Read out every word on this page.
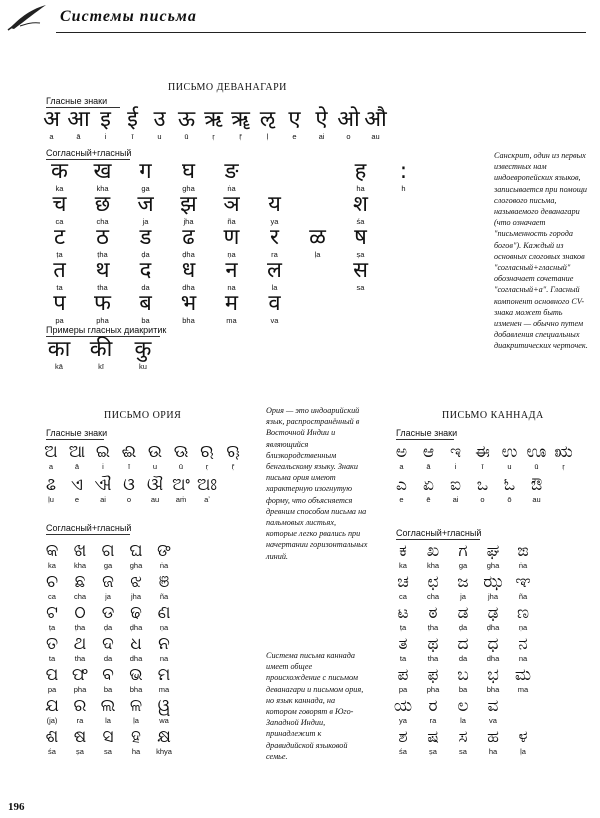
Системы письма
ПИСЬМО ДЕВАНАГАРИ
Гласные знаки
अ
a
आ
ā
इ
i
ई
ī
उ
u
ऊ
ū
ऋ
ṛ
ॠ
ṝ
ऌ
ḷ
ए
e
ऐ
ai
ओ
o
औ
au
Согласный+гласный
क
ka
ख
kha
ग
ga
घ
gha
ङ
ṅa
ह
ha
:
h
च
ca
छ
cha
ज
ja
झ
jha
ञ
ña
य
ya
श
śa
ट
ṭa
ठ
ṭha
ड
ḍa
ढ
ḍha
ण
ṇa
र
ra
ळ
ḷa
ष
ṣa
त
ta
थ
tha
द
da
ध
dha
न
na
ल
la
स
sa
प
pa
फ
pha
ब
ba
भ
bha
म
ma
व
va
Примеры гласных диакритик
का
kā
की
kī
कु
ku
Санскрит, один из первых известных нам индоевропейских языков, записывается при помощи слогового письма, называемого деванагари (что означает "письменность города богов"). Каждый из основных слоговых знаков "согласный+гласный" обозначает сочетание "согласный+a". Гласный компонент основного CV-знака может быть изменен — обычно путем добавления специальных диакритических черточек.
ПИСЬМО ОРИЯ
Гласные знаки
ଅ
a
ଆ
ā
ଇ
i
ଈ
ī
ଉ
u
ଊ
ū
ଋ
ṛ
ୠ
ṝ
ଌ
ḷu
ଏ
e
ଐ
ai
ଓ
o
ଔ
au
ଅଂ
aṁ
ଅଃ
aʼ
Согласный+гласный
କ
ka
ଖ
kha
ଗ
ga
ଘ
gha
ଙ
ṅa
ଚ
ca
ଛ
cha
ଜ
ja
ଝ
jha
ଞ
ña
ଟ
ṭa
ଠ
ṭha
ଡ
ḍa
ଢ
ḍha
ଣ
ṇa
ତ
ta
ଥ
tha
ଦ
da
ଧ
dha
ନ
na
ପ
pa
ଫ
pha
ବ
ba
ଭ
bha
ମ
ma
ଯ
(ja)
ର
ra
ଲ
la
ଳ
ḷa
ୱ
wa
ଶ
śa
ଷ
ṣa
ସ
sa
ହ
ha
କ୍ଷ
khya
Ория — это индоарийский язык, распространённый в Восточной Индии и являющийся близкородственным бенгальскому языку. Знаки письма ория имеют характерную изогнутую форму, что объясняется древним способом письма на пальмовых листьях, которые легко рвались при начертании горизонтальных линий.
ПИСЬМО КАННАДА
Гласные знаки
ಅ
a
ಆ
ā
ಇ
i
ಈ
ī
ಉ
u
ಊ
ū
ಋ
ṛ
ಎ
e
ಏ
ē
ಐ
ai
ಒ
o
ಓ
ō
ಔ
au
Согласный+гласный
ಕ
ka
ಖ
kha
ಗ
ga
ಘ
gha
ಙ
ṅa
ಚ
ca
ಛ
cha
ಜ
ja
ಝ
jha
ಞ
ña
ಟ
ṭa
ಠ
ṭha
ಡ
ḍa
ಢ
ḍha
ಣ
ṇa
ತ
ta
ಥ
tha
ದ
da
ಧ
dha
ನ
na
ಪ
pa
ಫ
pha
ಬ
ba
ಭ
bha
ಮ
ma
ಯ
ya
ರ
ra
ಲ
la
ವ
va
ಶ
śa
ಷ
ṣa
ಸ
sa
ಹ
ha
ಳ
ḷa
Система письма каннада имеет общее происхождение с письмом деванагари и письмом ория, но язык каннада, на котором говорят в Юго-Западной Индии, принадлежит к дравидийской языковой семье.
196
